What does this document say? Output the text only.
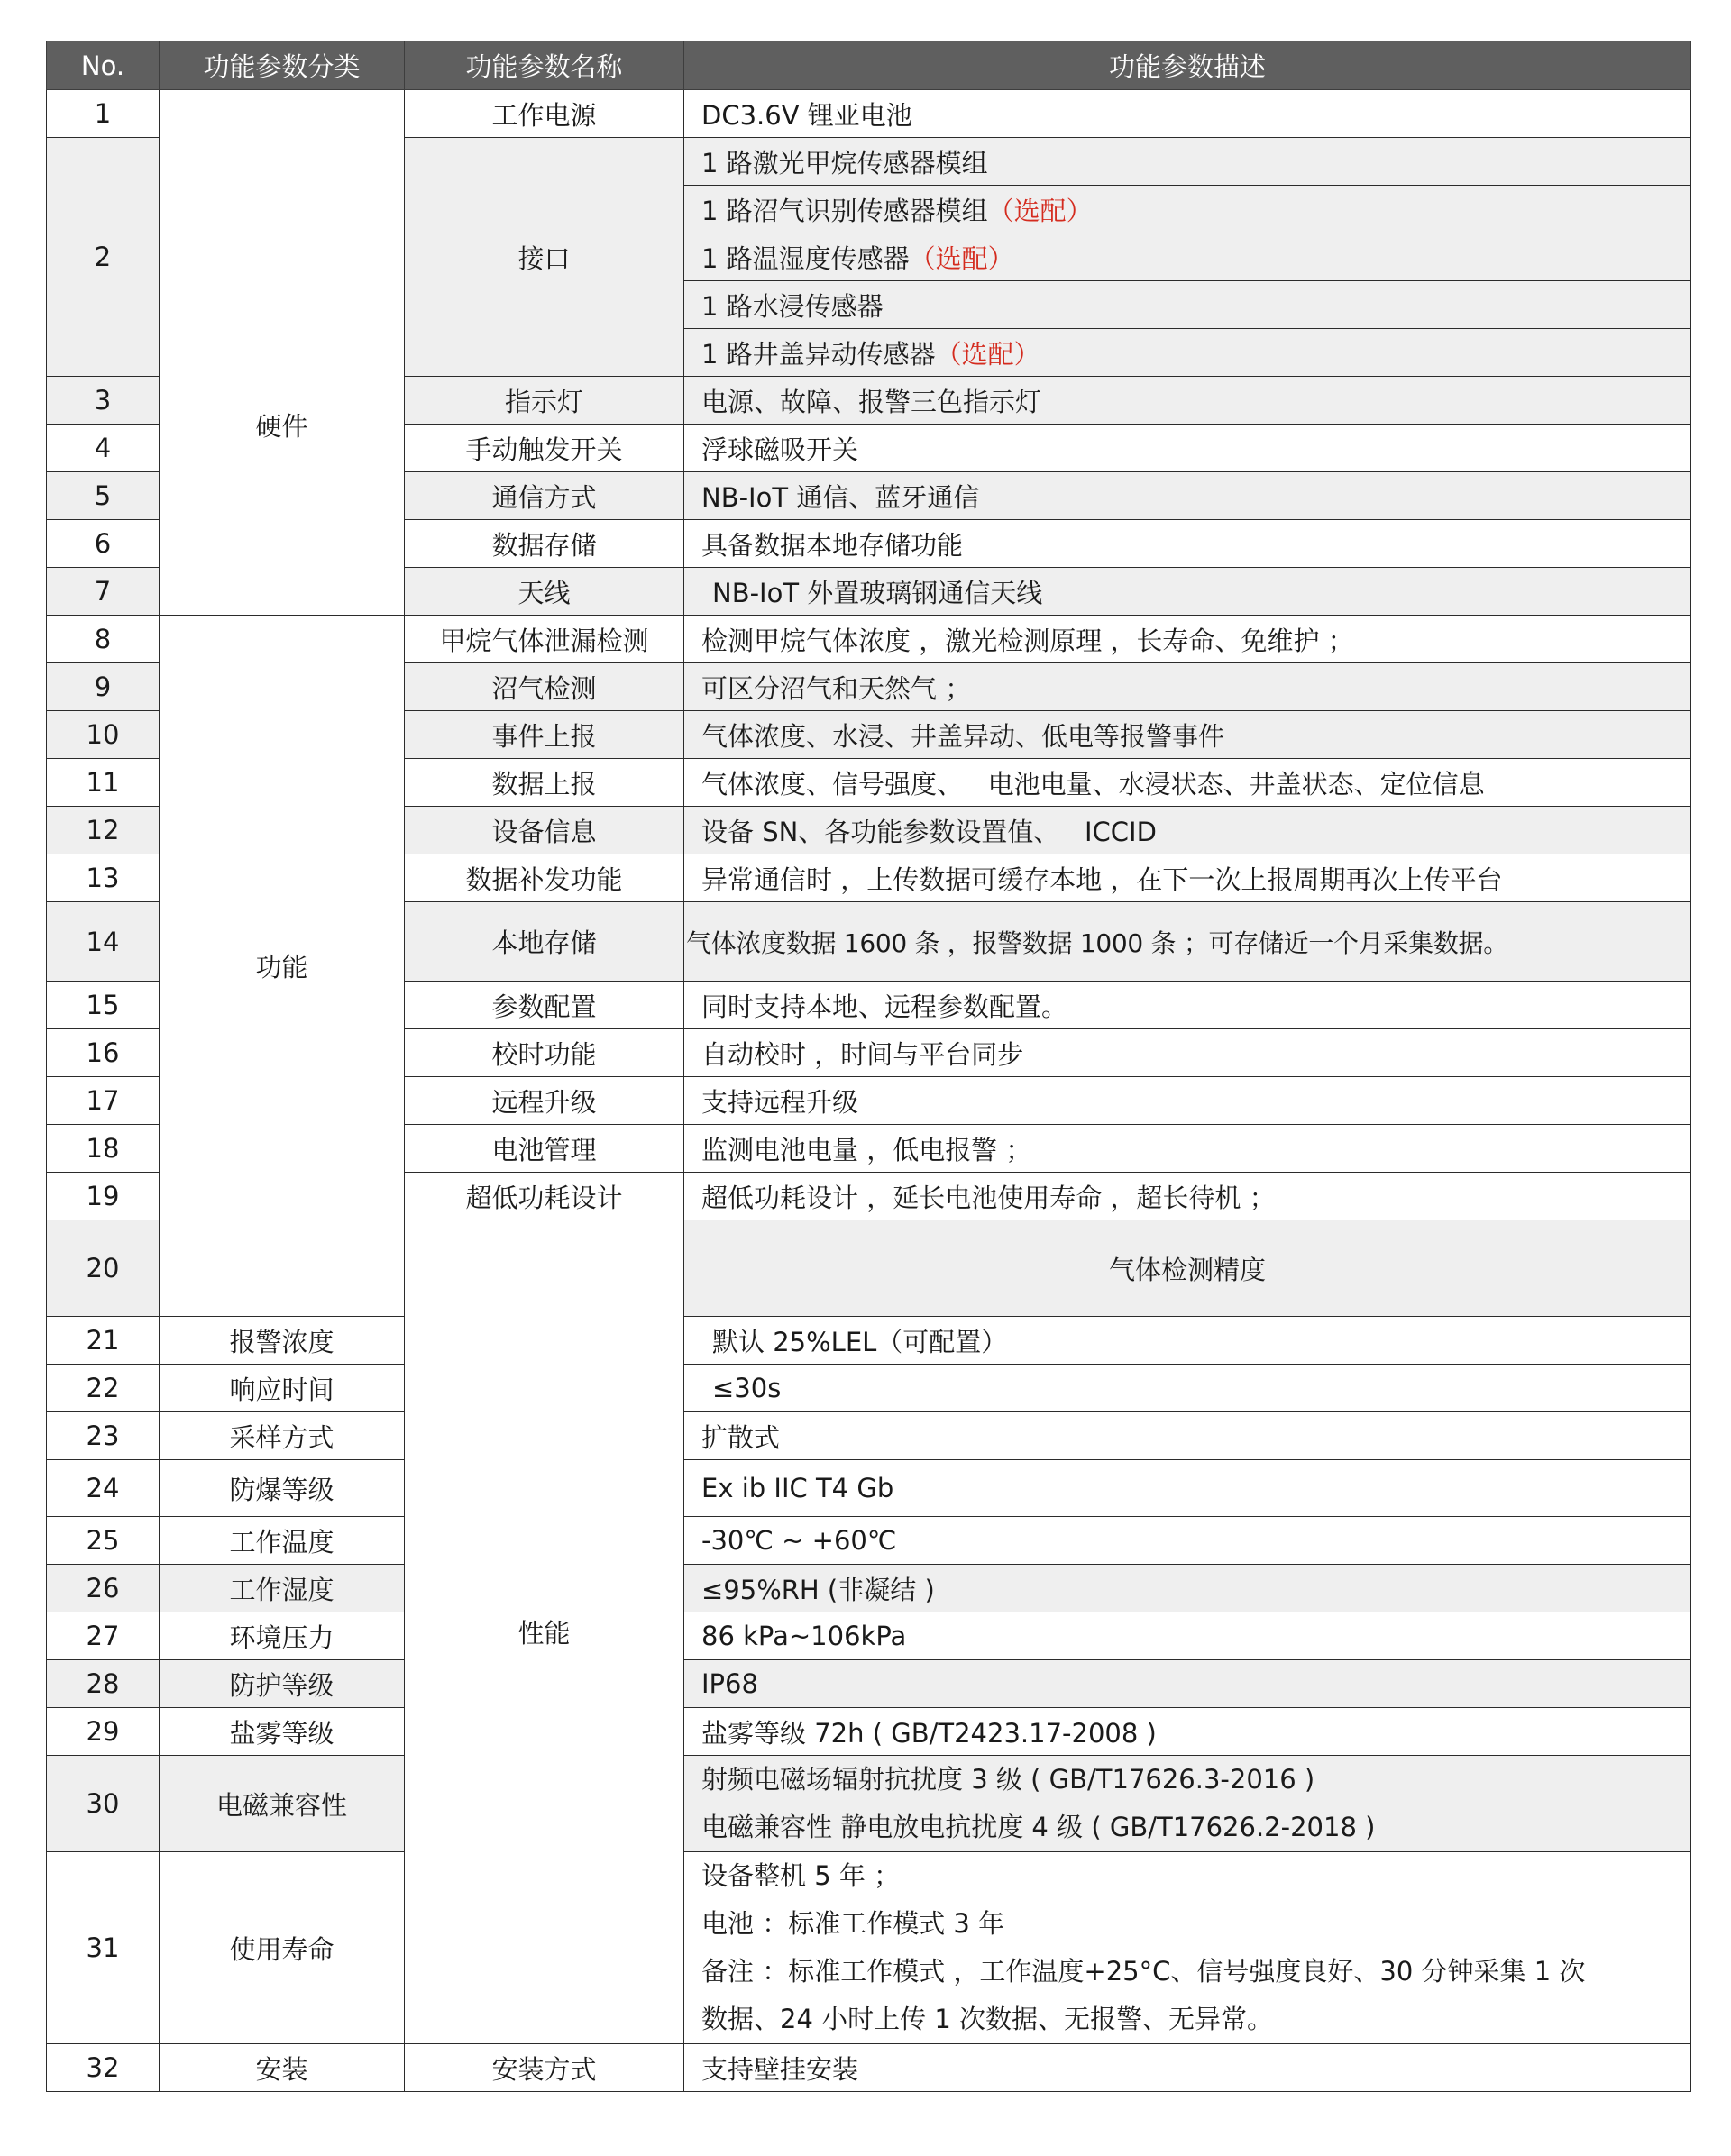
No.	功能参数分类	功能参数名称	功能参数描述	
1	硬件	工作电源	DC3.6V 锂亚电池	
2		接口	1 路激光甲烷传感器模组	
			1 路沼气识别传感器模组（选配）	
			1 路温湿度传感器（选配）	
			1 路水浸传感器	
			1 路井盖异动传感器（选配）	
3		指示灯	电源、故障、报警三色指示灯	
4		手动触发开关	浮球磁吸开关	
5		通信方式	NB-IoT 通信、蓝牙通信	
6		数据存储	具备数据本地存储功能	
7		天线	NB-IoT 外置玻璃钢通信天线	
8	功能	甲烷气体泄漏检测	检测甲烷气体浓度 ，激光检测原理 ，长寿命、免维护 ；	
9		沼气检测	可区分沼气和天然气 ；	
10		事件上报	气体浓度、水浸、井盖异动、低电等报警事件	
11		数据上报	气体浓度、信号强度、   电池电量、水浸状态、井盖状态、定位信息	
12		设备信息	设备 SN、各功能参数设置值、   ICCID	
13		数据补发功能	异常通信时 ，上传数据可缓存本地 ，在下一次上报周期再次上传平台	
14		本地存储	气体浓度数据 1600 条 ，报警数据 1000 条 ；可存储近一个月采集数据。	
15		参数配置	同时支持本地、远程参数配置。	
16		校时功能	自动校时 ，时间与平台同步	
17		远程升级	支持远程升级	
18		电池管理	监测电池电量 ，低电报警 ；	
19		超低功耗设计	超低功耗设计 ，延长电池使用寿命 ，超长待机 ；	
20		性能	气体检测精度	

21	报警浓度		默认 25%LEL（可配置）	
22	响应时间		≤30s	
23	采样方式		扩散式	
24	防爆等级		Ex ib IIC T4 Gb	
25	工作温度		-30℃ ~ +60℃	
26	工作湿度		≤95%RH (非凝结 )	
27	环境压力		86 kPa~106kPa	
28	防护等级		IP68	
29	盐雾等级		盐雾等级 72h ( GB/T2423.17-2008 )	
30	电磁兼容性		射频电磁场辐射抗扰度 3 级 ( GB/T17626.3-2016 )
电磁兼容性 静电放电抗扰度 4 级 ( GB/T17626.2-2018 )	

31	使用寿命		设备整机 5 年 ；
电池 ：标准工作模式 3 年
备注 ：标准工作模式 ，工作温度+25°C、信号强度良好、30 分钟采集 1 次
数据、24 小时上传 1 次数据、无报警、无异常。	

32	安装	安装方式	支持壁挂安装	
